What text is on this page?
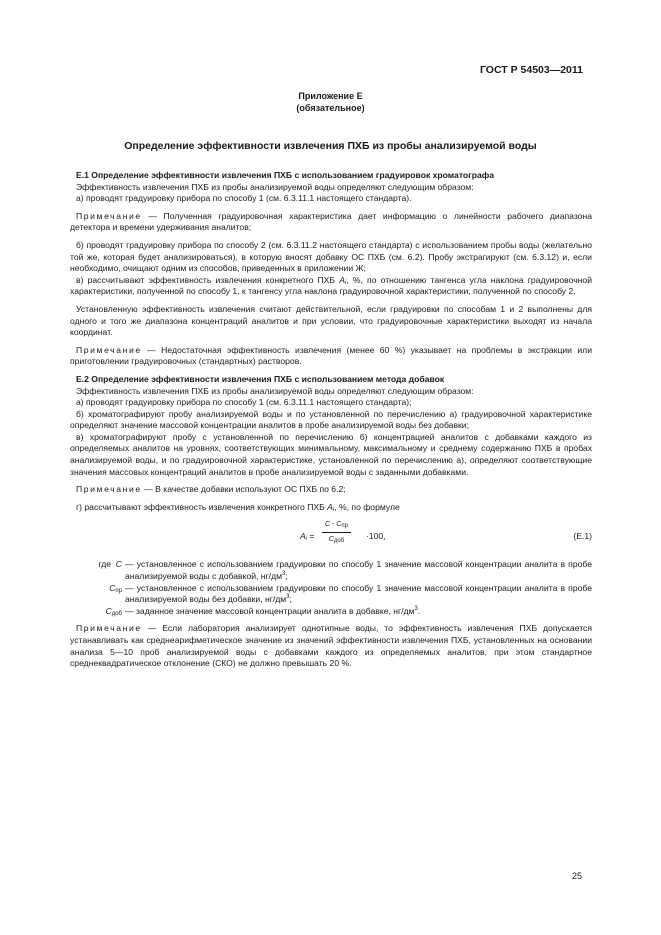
ГОСТ Р 54503—2011
Приложение Е
(обязательное)
Определение эффективности извлечения ПХБ из пробы анализируемой воды

Е.1 Определение эффективности извлечения ПХБ с использованием градуировок хроматографа

Эффективность извлечения ПХБ из пробы анализируемой воды определяют следующим образом:

а) проводят градуировку прибора по способу 1 (см. 6.3.11.1 настоящего стандарта).

Примечание — Полученная градуировочная характеристика дает информацию о линейности рабочего диапазона детектора и времени удерживания аналитов;

б) проводят градуировку прибора по способу 2 (см. 6.3.11.2 настоящего стандарта) с использованием пробы воды (желательно той же, которая будет анализироваться), в которую вносят добавку ОС ПХБ (см. 6.2). Пробу экстрагируют (см. 6.3.12) и, если необходимо, очищают одним из способов, приведенных в приложении Ж;

в) рассчитывают эффективность извлечения конкретного ПХБ $A_i$, %, по отношению тангенса угла наклона градуировочной характеристики, полученной по способу 1, к тангенсу угла наклона градуировочной характеристики, полученной по способу 2.

Установленную эффективность извлечения считают действительной, если градуировки по способам 1 и 2 выполнены для одного и того же диапазона концентраций аналитов и при условии, что градуировочные характеристики выходят из начала координат.

Примечание — Недостаточная эффективность извлечения (менее 60 %) указывает на проблемы в экстракции или приготовлении градуировочных (стандартных) растворов.

Е.2 Определение эффективности извлечения ПХБ с использованием метода добавок

Эффективность извлечения ПХБ из пробы анализируемой воды определяют следующим образом:

а) проводят градуировку прибора по способу 1 (см. 6.3.11.1 настоящего стандарта);

б) хроматографируют пробу анализируемой воды и по установленной по перечислению а) градуировочной характеристике определяют значение массовой концентрации аналитов в пробе анализируемой воды без добавки;

в) хроматографируют пробу с установленной по перечислению б) концентрацией аналитов с добавками каждого из определяемых аналитов на уровнях, соответствующих минимальному, максимальному и среднему содержанию ПХБ в пробах анализируемой воды, и по градуировочной характеристике, установленной по перечислению а), определяют соответствующие значения массовых концентраций аналитов в пробе анализируемой воды с заданными добавками.

Примечание — В качестве добавки используют ОС ПХБ по 6.2;

г) рассчитывают эффективность извлечения конкретного ПХБ $A_i$, %, по формуле

$A_i$ =
C - $C_{пр}$
$C_{доб}$	·100,	(Е.1)
где C — установленное с использованием градуировки по способу 1 значение массовой концентрации аналита в пробе анализируемой воды с добавкой, $нг/дм^3$;
$C_{пр}$ — установленное с использованием градуировки по способу 1 значение массовой концентрации аналита в пробе анализируемой воды без добавки, $нг/дм^3$;
$C_{доб}$ — заданное значение массовой концентрации аналита в добавке, $нг/дм^3$.

Примечание — Если лаборатория анализирует однотипные воды, то эффективность извлечения ПХБ допускается устанавливать как среднеарифметическое значение из значений эффективности извлечения ПХБ, установленных на основании анализа 5—10 проб анализируемой воды с добавками каждого из определяемых аналитов, при этом стандартное среднеквадратическое отклонение (СКО) не должно превышать 20 %.

25
